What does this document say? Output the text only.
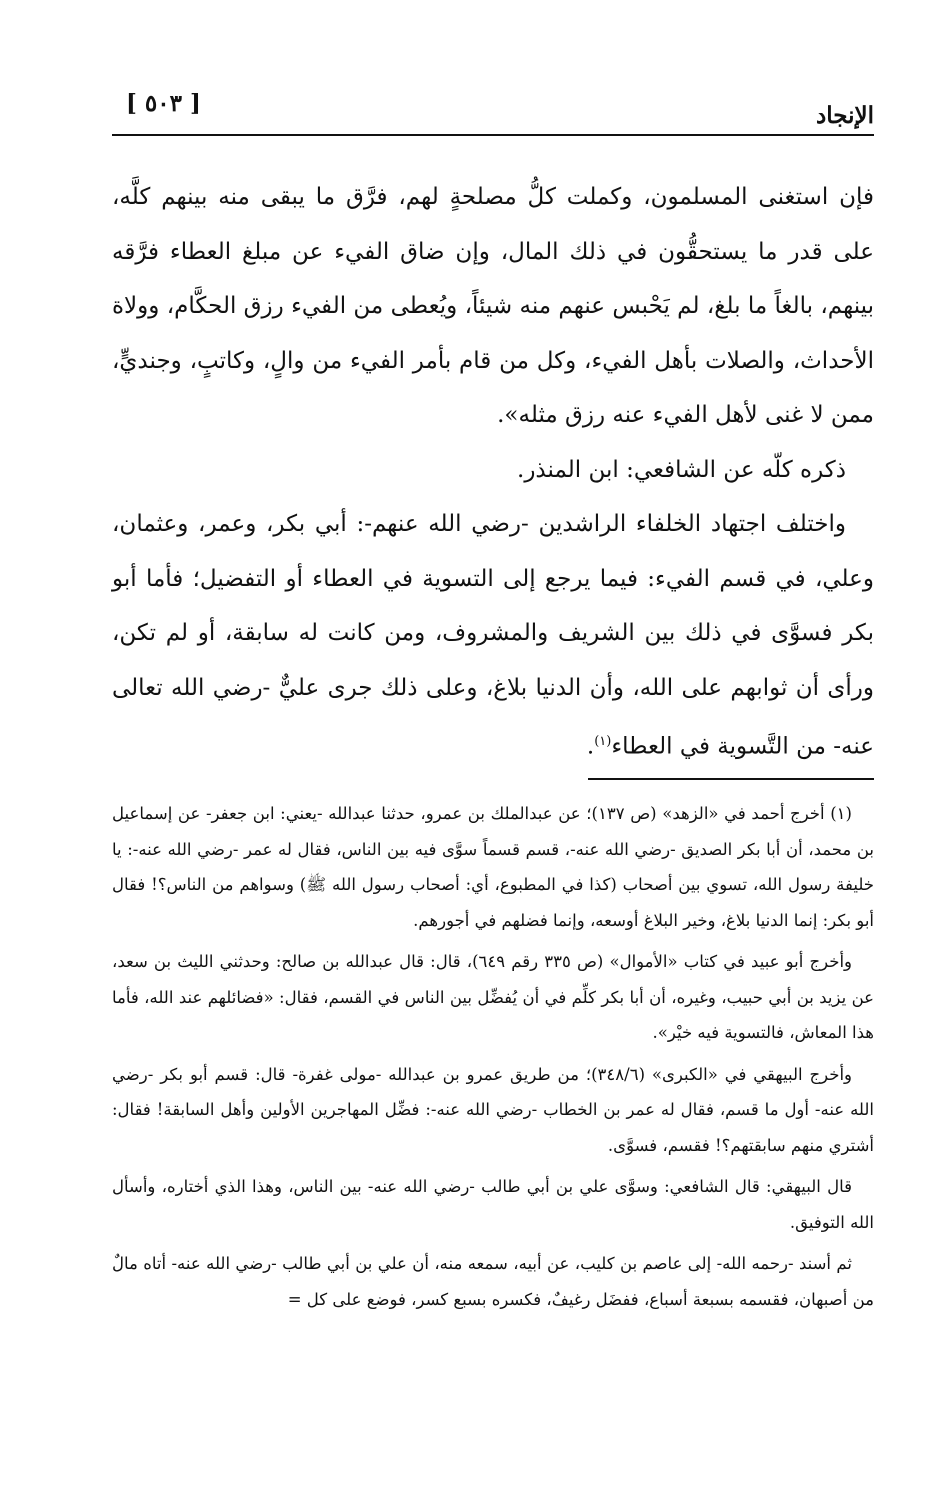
الإنجاد
[ ٥٠٣ ]

فإن استغنى المسلمون، وكملت كلُّ مصلحةٍ لهم، فرَّق ما يبقى منه بينهم كلَّه، على قدر ما يستحقُّون في ذلك المال، وإن ضاق الفيء عن مبلغ العطاء فرَّقه بينهم، بالغاً ما بلغ، لم يَحْبس عنهم منه شيئاً، ويُعطى من الفيء رزق الحكَّام، وولاة الأحداث، والصلات بأهل الفيء، وكل من قام بأمر الفيء من والٍ، وكاتبٍ، وجنديٍّ، ممن لا غنى لأهل الفيء عنه رزق مثله».

ذكره كلّه عن الشافعي: ابن المنذر.

واختلف اجتهاد الخلفاء الراشدين -رضي الله عنهم-: أبي بكر، وعمر، وعثمان، وعلي، في قسم الفيء: فيما يرجع إلى التسوية في العطاء أو التفضيل؛ فأما أبو بكر فسوَّى في ذلك بين الشريف والمشروف، ومن كانت له سابقة، أو لم تكن، ورأى أن ثوابهم على الله، وأن الدنيا بلاغ، وعلى ذلك جرى عليٌّ -رضي الله تعالى عنه- من التَّسوية في العطاء$^{(١)}$.

(١) أخرج أحمد في «الزهد» (ص ١٣٧)؛ عن عبدالملك بن عمرو، حدثنا عبدالله -يعني: ابن جعفر- عن إسماعيل بن محمد، أن أبا بكر الصديق -رضي الله عنه-، قسم قسماً سوَّى فيه بين الناس، فقال له عمر -رضي الله عنه-: يا خليفة رسول الله، تسوي بين أصحاب (كذا في المطبوع، أي: أصحاب رسول الله ﷺ) وسواهم من الناس؟! فقال أبو بكر: إنما الدنيا بلاغ، وخير البلاغ أوسعه، وإنما فضلهم في أجورهم.

وأخرج أبو عبيد في كتاب «الأموال» (ص ٣٣٥ رقم ٦٤٩)، قال: قال عبدالله بن صالح: وحدثني الليث بن سعد، عن يزيد بن أبي حبيب، وغيره، أن أبا بكر كلِّم في أن يُفضِّل بين الناس في القسم، فقال: «فضائلهم عند الله، فأما هذا المعاش، فالتسوية فيه خيْر».

وأخرج البيهقي في «الكبرى» (٣٤٨/٦)؛ من طريق عمرو بن عبدالله -مولى غفرة- قال: قسم أبو بكر -رضي الله عنه- أول ما قسم، فقال له عمر بن الخطاب -رضي الله عنه-: فضِّل المهاجرين الأولين وأهل السابقة! فقال: أشتري منهم سابقتهم؟! فقسم، فسوَّى.

قال البيهقي: قال الشافعي: وسوَّى علي بن أبي طالب -رضي الله عنه- بين الناس، وهذا الذي أختاره، وأسأل الله التوفيق.

ثم أسند -رحمه الله- إلى عاصم بن كليب، عن أبيه، سمعه منه، أن علي بن أبي طالب -رضي الله عنه- أتاه مالٌ من أصبهان، فقسمه بسبعة أسباع، ففضَل رغيفٌ، فكسره بسبع كسر، فوضع على كل =
